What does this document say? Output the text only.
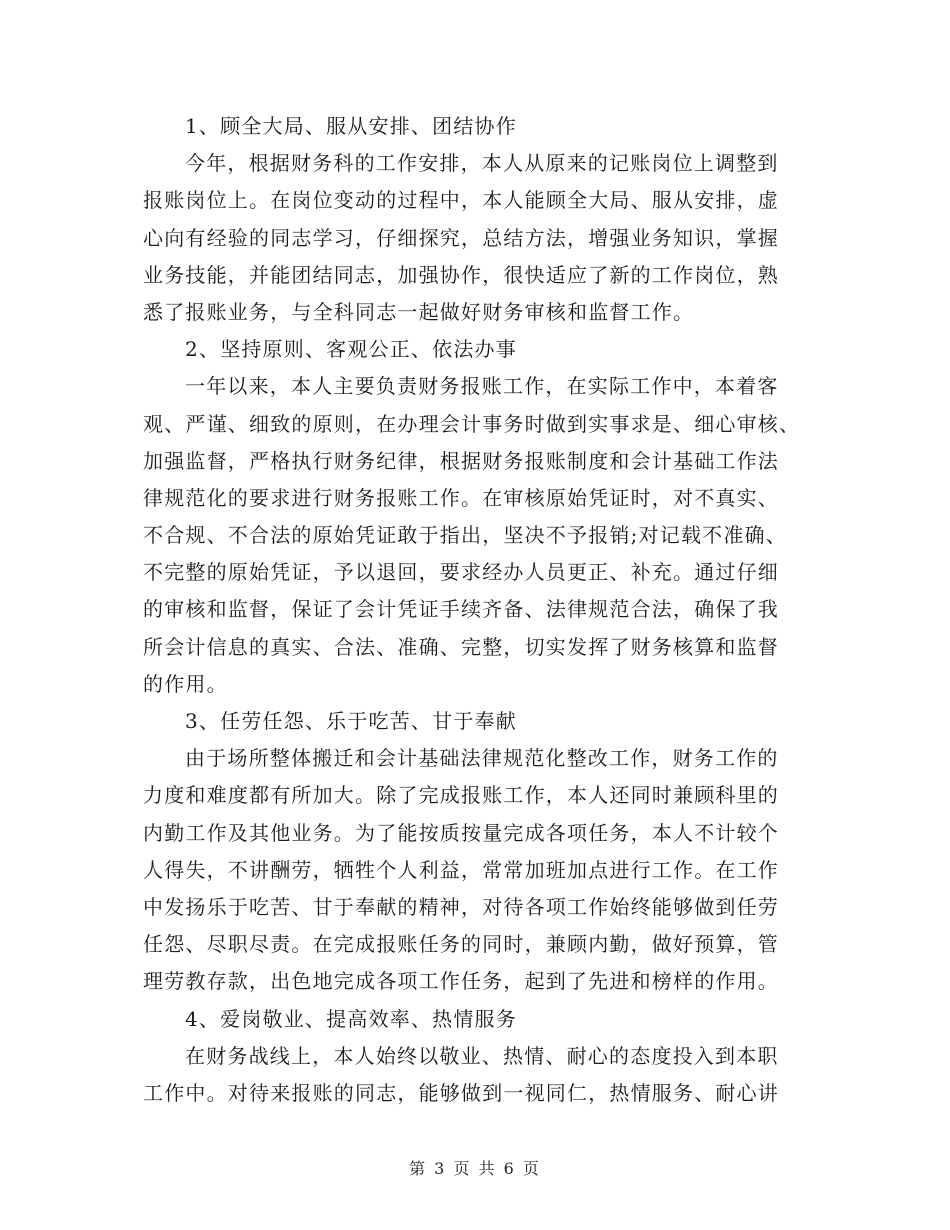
1、顾全大局、服从安排、团结协作
今年，根据财务科的工作安排，本人从原来的记账岗位上调整到
报账岗位上。在岗位变动的过程中，本人能顾全大局、服从安排，虚
心向有经验的同志学习，仔细探究，总结方法，增强业务知识，掌握
业务技能，并能团结同志，加强协作，很快适应了新的工作岗位，熟
悉了报账业务，与全科同志一起做好财务审核和监督工作。
2、坚持原则、客观公正、依法办事
一年以来，本人主要负责财务报账工作，在实际工作中，本着客
观、严谨、细致的原则，在办理会计事务时做到实事求是、细心审核、
加强监督，严格执行财务纪律，根据财务报账制度和会计基础工作法
律规范化的要求进行财务报账工作。在审核原始凭证时，对不真实、
不合规、不合法的原始凭证敢于指出，坚决不予报销;对记载不准确、
不完整的原始凭证，予以退回，要求经办人员更正、补充。通过仔细
的审核和监督，保证了会计凭证手续齐备、法律规范合法，确保了我
所会计信息的真实、合法、准确、完整，切实发挥了财务核算和监督
的作用。
3、任劳任怨、乐于吃苦、甘于奉献
由于场所整体搬迁和会计基础法律规范化整改工作，财务工作的
力度和难度都有所加大。除了完成报账工作，本人还同时兼顾科里的
内勤工作及其他业务。为了能按质按量完成各项任务，本人不计较个
人得失，不讲酬劳，牺牲个人利益，常常加班加点进行工作。在工作
中发扬乐于吃苦、甘于奉献的精神，对待各项工作始终能够做到任劳
任怨、尽职尽责。在完成报账任务的同时，兼顾内勤，做好预算，管
理劳教存款，出色地完成各项工作任务，起到了先进和榜样的作用。
4、爱岗敬业、提高效率、热情服务
在财务战线上，本人始终以敬业、热情、耐心的态度投入到本职
工作中。对待来报账的同志，能够做到一视同仁，热情服务、耐心讲
第 3 页 共 6 页
